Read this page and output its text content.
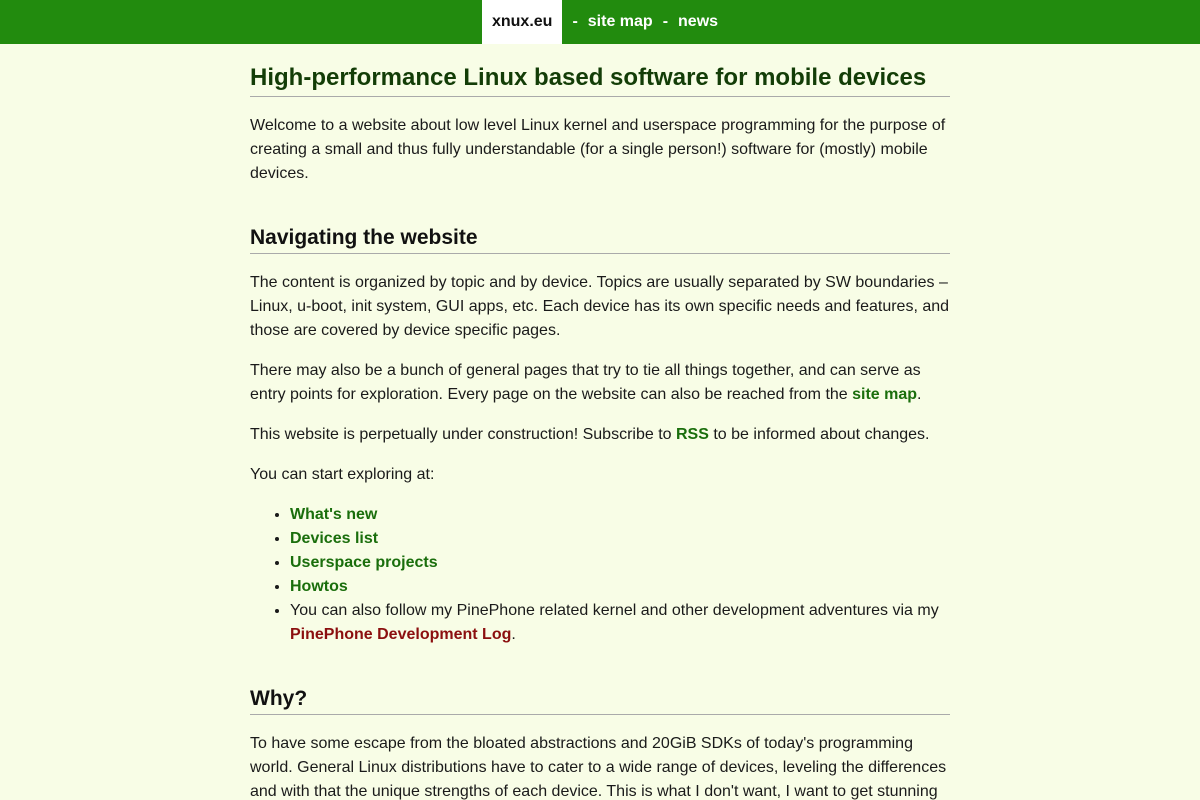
xnux.eu	- site map - news
High-performance Linux based software for mobile devices

Welcome to a website about low level Linux kernel and userspace programming for the purpose of creating a small and thus fully understandable (for a single person!) software for (mostly) mobile devices.

Navigating the website

The content is organized by topic and by device. Topics are usually separated by SW boundaries – Linux, u-boot, init system, GUI apps, etc. Each device has its own specific needs and features, and those are covered by device specific pages.

There may also be a bunch of general pages that try to tie all things together, and can serve as entry points for exploration. Every page on the website can also be reached from the site map.

This website is perpetually under construction! Subscribe to RSS to be informed about changes.

You can start exploring at:

• What's new
• Devices list
• Userspace projects
• Howtos
• You can also follow my PinePhone related kernel and other development adventures via my PinePhone Development Log.
Why?

To have some escape from the bloated abstractions and 20GiB SDKs of today's programming world. General Linux distributions have to cater to a wide range of devices, leveling the differences and with that the unique strengths of each device. This is what I don't want, I want to get stunning
